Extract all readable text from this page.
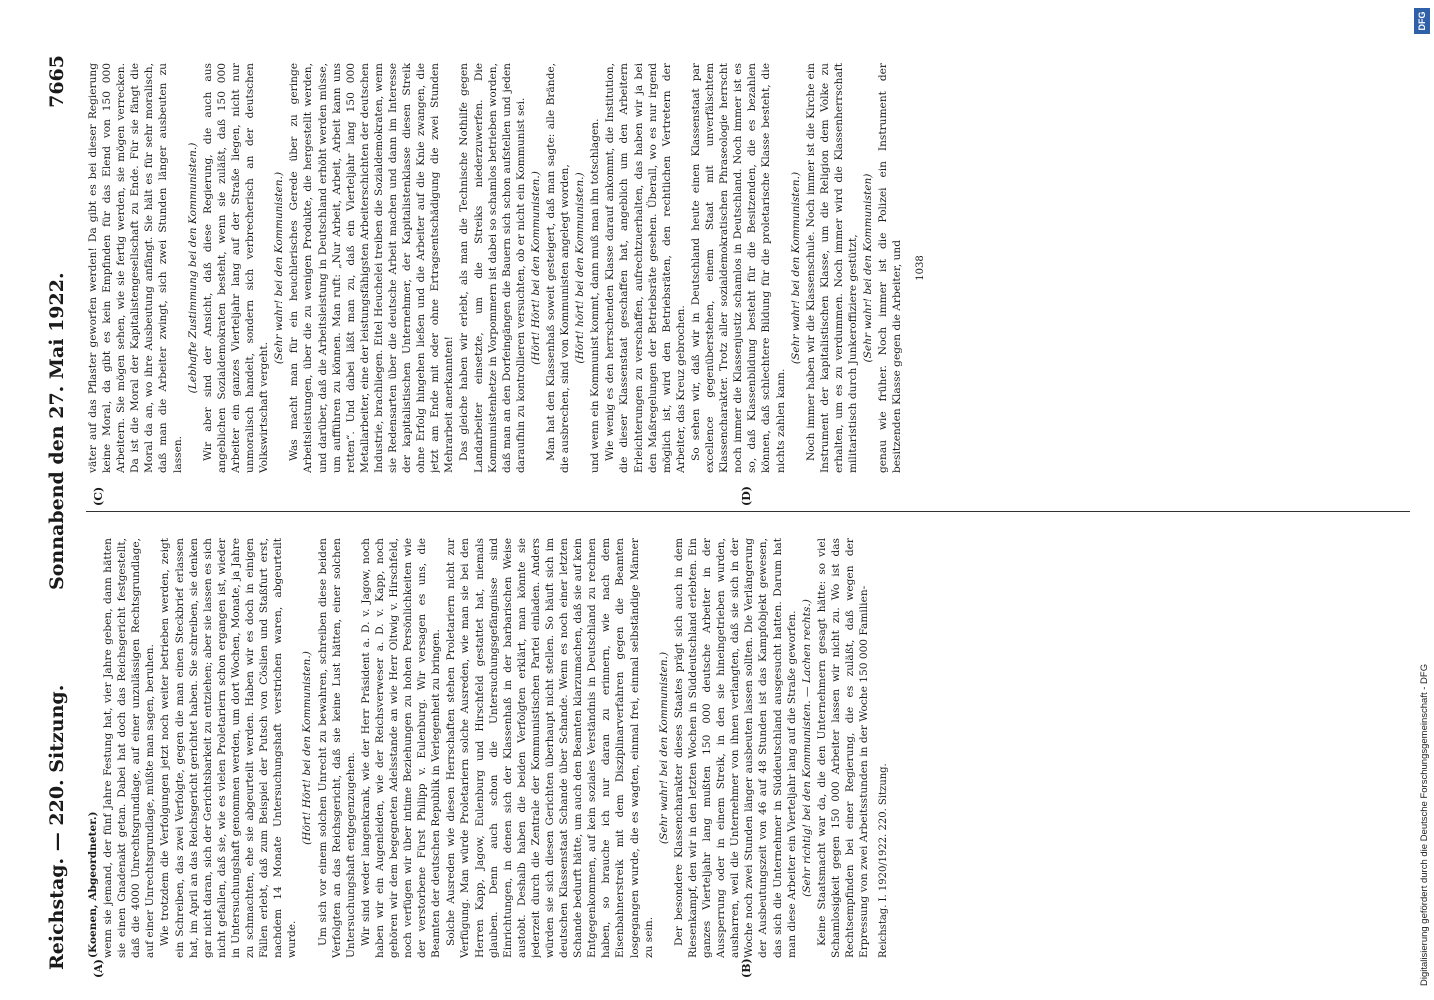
Reichstag. — 220. Sitzung.
Sonnabend den 27. Mai 1922.
7665
(A)	(B)
(C)	(D)

(Koenen, Abgeordneter.) wenn sie jemand, der fünf Jahre Festung hat, vier Jahre geben, dann hätten sie einen Gnadenakt getan. Dabei hat doch das Reichsgericht festgestellt, daß die 4000 Unrechtsgrundlage, auf einer unzulässigen Rechtsgrundlage, auf einer Unrechtsgrundlage, müßte man sagen, beruhen. Wie trotzdem die Verfolgungen jetzt noch weiter betrieben werden, zeigt ein Schreiben, das zwei Verfolgte, gegen die man einen Steckbrief erlassen hat, im April an das Reichsgericht gerichtet haben. Sie schreiben, sie denken gar nicht daran, sich der Gerichtsbarkeit zu entziehen; aber sie lassen es sich nicht gefallen, daß sie, wie es vielen Proletariern schon ergangen ist, wieder in Untersuchungshaft genommen werden, um dort Wochen, Monate, ja Jahre zu schmachten, ehe sie abgeurteilt werden. Haben wir es doch in einigen Fällen erlebt, daß zum Beispiel der Putsch von Cöslien und Staßfurt erst, nachdem 14 Monate Untersuchungshaft verstrichen waren, abgeurteilt wurde.

(Hört! Hört! bei den Kommunisten.) Um sich vor einem solchen Unrecht zu bewahren, schreiben diese beiden Verfolgten an das Reichsgericht, daß sie keine Lust hätten, einer solchen Untersuchungshaft entgegenzugehen. Wir sind weder langenkrank, wie der Herr Präsident a. D. v. Jagow, noch haben wir ein Augenleiden, wie der Reichsverweser a. D. v. Kapp, noch gehören wir dem begegneten Adelsstande an wie Herr Oltwig v. Hirschfeld, noch verfügen wir über intime Beziehungen zu hohen Persönlichkeiten wie der verstorbene Fürst Philipp v. Eulenburg. Wir versagen es uns, die Beamten der deutschen Republik in Verlegenheit zu bringen. Solche Ausreden wie diesen Herrschaften stehen Proletariern nicht zur Verfügung. Man würde Proletariern solche Ausreden, wie man sie bei den Herren Kapp, Jagow, Eulenburg und Hirschfeld gestattet hat, niemals glauben. Denn auch schon die Untersuchungsgefängnisse sind Einrichtungen, in denen sich der Klassenhaß in der barbarischen Weise austobt. Deshalb haben die beiden Verfolgten erklärt, man könnte sie jederzeit durch die Zentrale der Kommunistischen Partei einladen. Anders würden sie sich diesen Gerichten überhaupt nicht stellen. So häuft sich im deutschen Klassenstaat Schande über Schande. Wenn es noch einer letzten Schande bedurft hätte, um auch den Beamten klarzumachen, daß sie auf kein Entgegenkommen, auf kein soziales Verständnis in Deutschland zu rechnen haben, so brauche ich nur daran zu erinnern, wie nach dem Eisenbahnerstreik mit dem Disziplinarverfahren gegen die Beamten losgegangen wurde, die es wagten, einmal frei, einmal selbständige Männer zu sein.

(Sehr wahr! bei den Kommunisten.) Der besondere Klassencharakter dieses Staates prägt sich auch in dem Riesenkampf, den wir in den letzten Wochen in Süddeutschland erlebten. Ein ganzes Vierteljahr lang mußten 150 000 deutsche Arbeiter in der Aussperrung oder in einem Streik, in den sie hineingetrieben wurden, ausharren, weil die Unternehmer von ihnen verlangten, daß sie sich in der Woche noch zwei Stunden länger ausbeuten lassen sollten. Die Verlängerung der Ausbeutungszeit von 46 auf 48 Stunden ist das Kampfobjekt gewesen, das sich die Unternehmer in Süddeutschland ausgesucht hatten. Darum hat man diese Arbeiter ein Vierteljahr lang auf die Straße geworfen. (Sehr richtig! bei den Kommunisten. — Lachen rechts.) Keine Staatsmacht war da, die den Unternehmern gesagt hätte: so viel Schamlosigkeit gegen 150 000 Arbeiter lassen wir nicht zu. Wo ist das Rechtsempfinden bei einer Regierung, die es zuläßt, daß wegen der Erpressung von zwei Arbeitsstunden in der Woche 150 000 Familien- Reichstag. I. 1920/1922. 220. Sitzung.

väter auf das Pflaster geworfen werden! Da gibt es bei dieser Regierung keine Moral, da gibt es kein Empfinden für das Elend von 150 000 Arbeitern. Sie mögen sehen, wie sie fertig werden, sie mögen verrecken. Da ist die Moral der Kapitalistengesellschaft zu Ende. Für sie fängt die Moral da an, wo ihre Ausbeutung anfängt. Sie hält es für sehr moralisch, daß man die Arbeiter zwingt, sich zwei Stunden länger ausbeuten zu lassen.

(Lebhafte Zustimmung bei den Kommunisten.) Wir aber sind der Ansicht, daß diese Regierung, die auch aus angeblichen Sozialdemokraten besteht, wenn sie zuläßt, daß 150 000 Arbeiter ein ganzes Vierteljahr lang auf der Straße liegen, nicht nur unmoralisch handelt, sondern sich verbrecherisch an der deutschen Volkswirtschaft vergeht.

(Sehr wahr! bei den Kommunisten.) Was macht man für ein heuchlerisches Gerede über zu geringe Arbeitsleistungen, über die zu wenigen Produkte, die hergestellt werden, und darüber, daß die Arbeitsleistung in Deutschland erhöht werden müsse, um aufführen zu können. Man ruft: „Nur Arbeit, Arbeit, Arbeit kann uns retten“. Und dabei läßt man zu, daß ein Vierteljahr lang 150 000 Metallarbeiter, eine der leistungsfähigsten Arbeiterschichten der deutschen Industrie, brachliegen. Eitel Heuchelei treiben die Sozialdemokraten, wenn sie Redensarten über die deutsche Arbeit machen und dann im Interesse der kapitalistischen Unternehmer, der Kapitalistenklasse diesen Streik ohne Erfolg hingehen ließen und die Arbeiter auf die Knie zwangen, die jetzt am Ende mit oder ohne Ertragsentschädigung die zwei Stunden Mehrarbeit anerkannten! Das gleiche haben wir erlebt, als man die Technische Nothilfe gegen Landarbeiter einsetzte, um die Streiks niederzuwerfen. Die Kommunistenhetze in Vorpommern ist dabei so schamlos betrieben worden, daß man an den Dorfeingängen die Bauern sich schon aufstellen und jeden daraufhin zu kontrollieren versuchten, ob er nicht ein Kommunist sei. (Hört! Hört! bei den Kommunisten.) Man hat den Klassenhaß soweit gesteigert, daß man sagte: alle Brände, die ausbrechen, sind von Kommunisten angelegt worden, (Hört! hört! bei den Kommunisten.) und wenn ein Kommunist kommt, dann muß man ihn totschlagen. Wie wenig es den herrschenden Klasse darauf ankommt, die Institution, die dieser Klassenstaat geschaffen hat, angeblich um den Arbeitern Erleichterungen zu verschaffen, aufrechtzuerhalten, das haben wir ja bei den Maßregelungen der Betriebsräte gesehen. Überall, wo es nur irgend möglich ist, wird den Betriebsräten, den rechtlichen Vertretern der Arbeiter, das Kreuz gebrochen. So sehen wir, daß wir in Deutschland heute einen Klassenstaat par excellence gegenüberstehen, einem Staat mit unverfälschtem Klassencharakter. Trotz aller sozialdemokratischen Phraseologie herrscht noch immer die Klassenjustiz schamlos in Deutschland. Noch immer ist es so, daß Klassenbildung besteht für die Besitzenden, die es bezahlen können, daß schlechtere Bildung für die proletarische Klasse besteht, die nichts zahlen kann.

(Sehr wahr! bei den Kommunisten.) Noch immer haben wir die Klassenschule. Noch immer ist die Kirche ein Instrument der kapitalistischen Klasse, um die Religion dem Volke zu erhalten, um es zu verdummen. Noch immer wird die Klassenherrschaft militaristisch durch Junkeroffiziere gestützt, (Sehr wahr! bei den Kommunisten) genau wie früher. Noch immer ist die Polizei ein Instrument der besitzenden Klasse gegen die Arbeiter, und 1038

Digitalisierung gefördert durch die Deutsche Forschungsgemeinschaft - DFG
DFG
